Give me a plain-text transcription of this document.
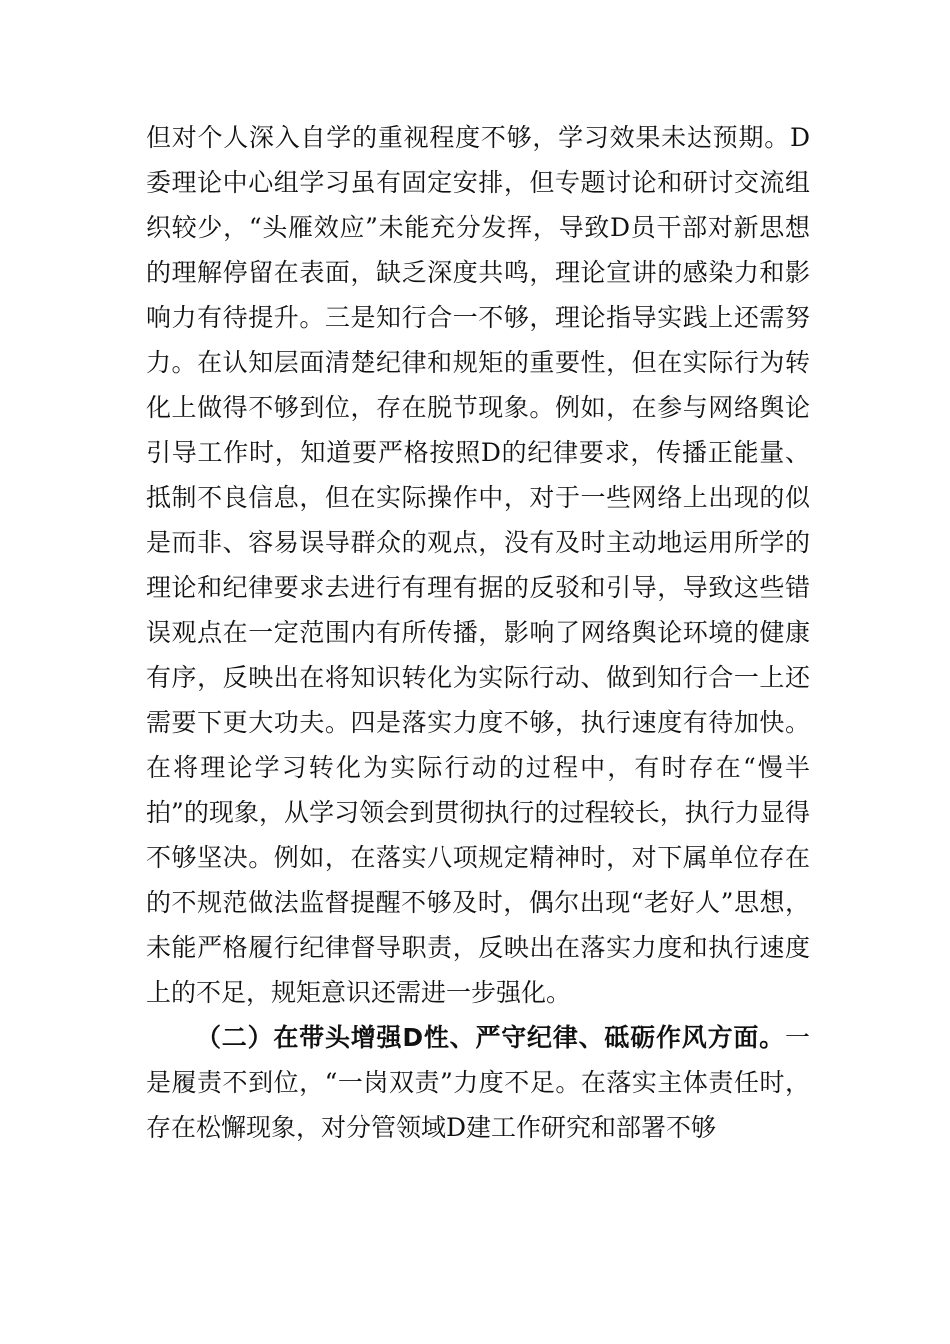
但对个人深入自学的重视程度不够，学习效果未达预期。D委理论中心组学习虽有固定安排，但专题讨论和研讨交流组织较少，“头雁效应”未能充分发挥，导致D员干部对新思想的理解停留在表面，缺乏深度共鸣，理论宣讲的感染力和影响力有待提升。三是知行合一不够，理论指导实践上还需努力。在认知层面清楚纪律和规矩的重要性，但在实际行为转化上做得不够到位，存在脱节现象。例如，在参与网络舆论引导工作时，知道要严格按照D的纪律要求，传播正能量、抵制不良信息，但在实际操作中，对于一些网络上出现的似是而非、容易误导群众的观点，没有及时主动地运用所学的理论和纪律要求去进行有理有据的反驳和引导，导致这些错误观点在一定范围内有所传播，影响了网络舆论环境的健康有序，反映出在将知识转化为实际行动、做到知行合一上还需要下更大功夫。四是落实力度不够，执行速度有待加快。在将理论学习转化为实际行动的过程中，有时存在“慢半拍”的现象，从学习领会到贯彻执行的过程较长，执行力显得不够坚决。例如，在落实八项规定精神时，对下属单位存在的不规范做法监督提醒不够及时，偶尔出现“老好人”思想，未能严格履行纪律督导职责，反映出在落实力度和执行速度上的不足，规矩意识还需进一步强化。

（二）在带头增强D性、严守纪律、砥砺作风方面。一是履责不到位，“一岗双责”力度不足。在落实主体责任时，存在松懈现象，对分管领域D建工作研究和部署不够
